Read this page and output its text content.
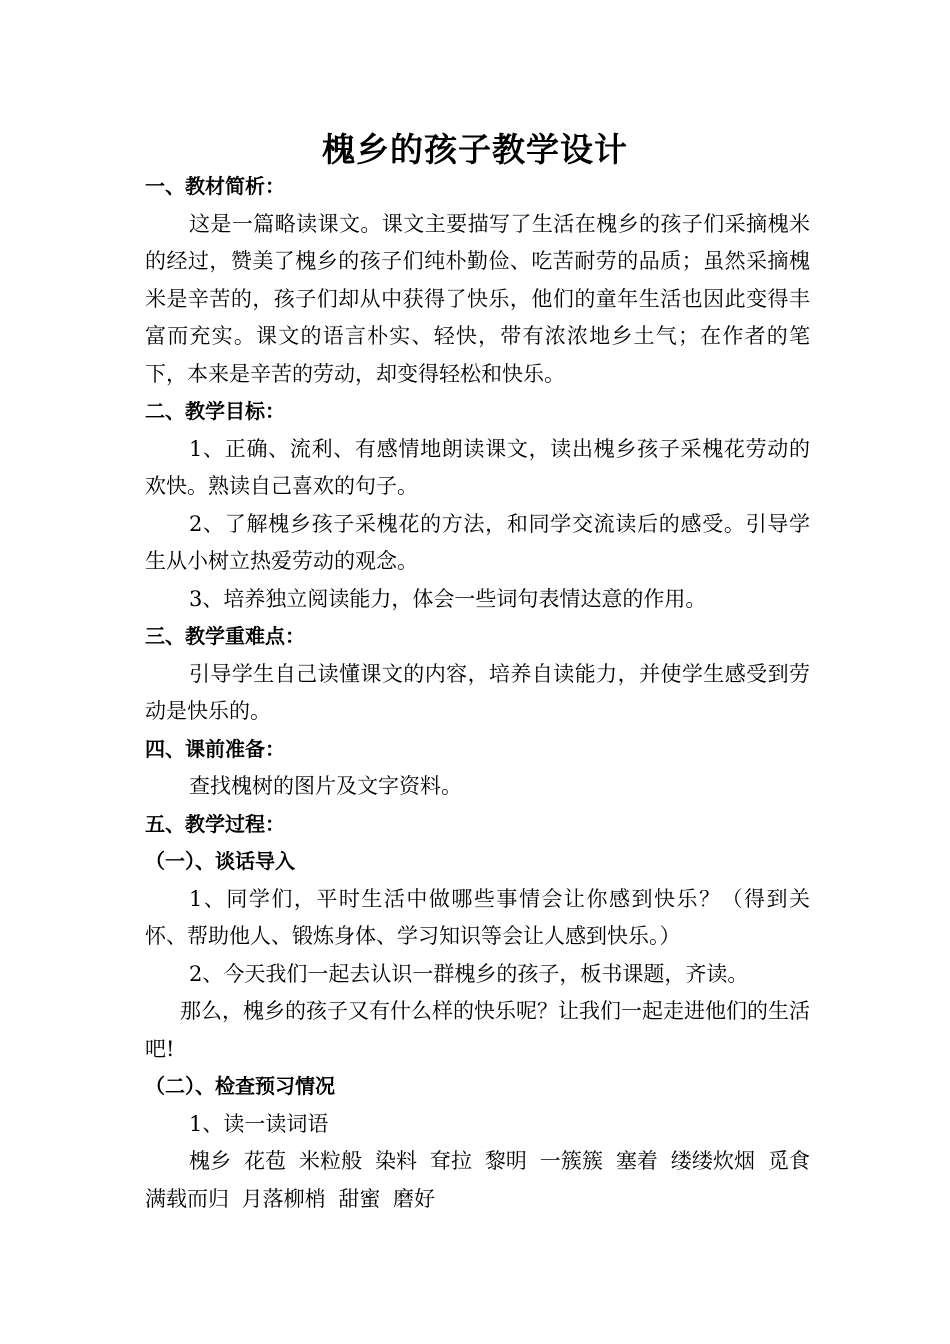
槐乡的孩子教学设计

一、教材简析：

这是一篇略读课文。课文主要描写了生活在槐乡的孩子们采摘槐米的经过，赞美了槐乡的孩子们纯朴勤俭、吃苦耐劳的品质；虽然采摘槐米是辛苦的，孩子们却从中获得了快乐，他们的童年生活也因此变得丰富而充实。课文的语言朴实、轻快，带有浓浓地乡土气；在作者的笔下，本来是辛苦的劳动，却变得轻松和快乐。

二、教学目标：

1、正确、流利、有感情地朗读课文，读出槐乡孩子采槐花劳动的欢快。熟读自己喜欢的句子。

2、了解槐乡孩子采槐花的方法，和同学交流读后的感受。引导学生从小树立热爱劳动的观念。

3、培养独立阅读能力，体会一些词句表情达意的作用。

三、教学重难点：

引导学生自己读懂课文的内容，培养自读能力，并使学生感受到劳动是快乐的。

四、课前准备：

查找槐树的图片及文字资料。

五、教学过程：

（一）、谈话导入

1、同学们，平时生活中做哪些事情会让你感到快乐？（得到关怀、帮助他人、锻炼身体、学习知识等会让人感到快乐。）

2、今天我们一起去认识一群槐乡的孩子，板书课题，齐读。

那么，槐乡的孩子又有什么样的快乐呢？让我们一起走进他们的生活吧!

（二）、检查预习情况

1、读一读词语

槐乡 花苞 米粒般 染料 耷拉 黎明 一簇簇 塞着 缕缕炊烟 觅食 满载而归 月落柳梢 甜蜜 磨好
